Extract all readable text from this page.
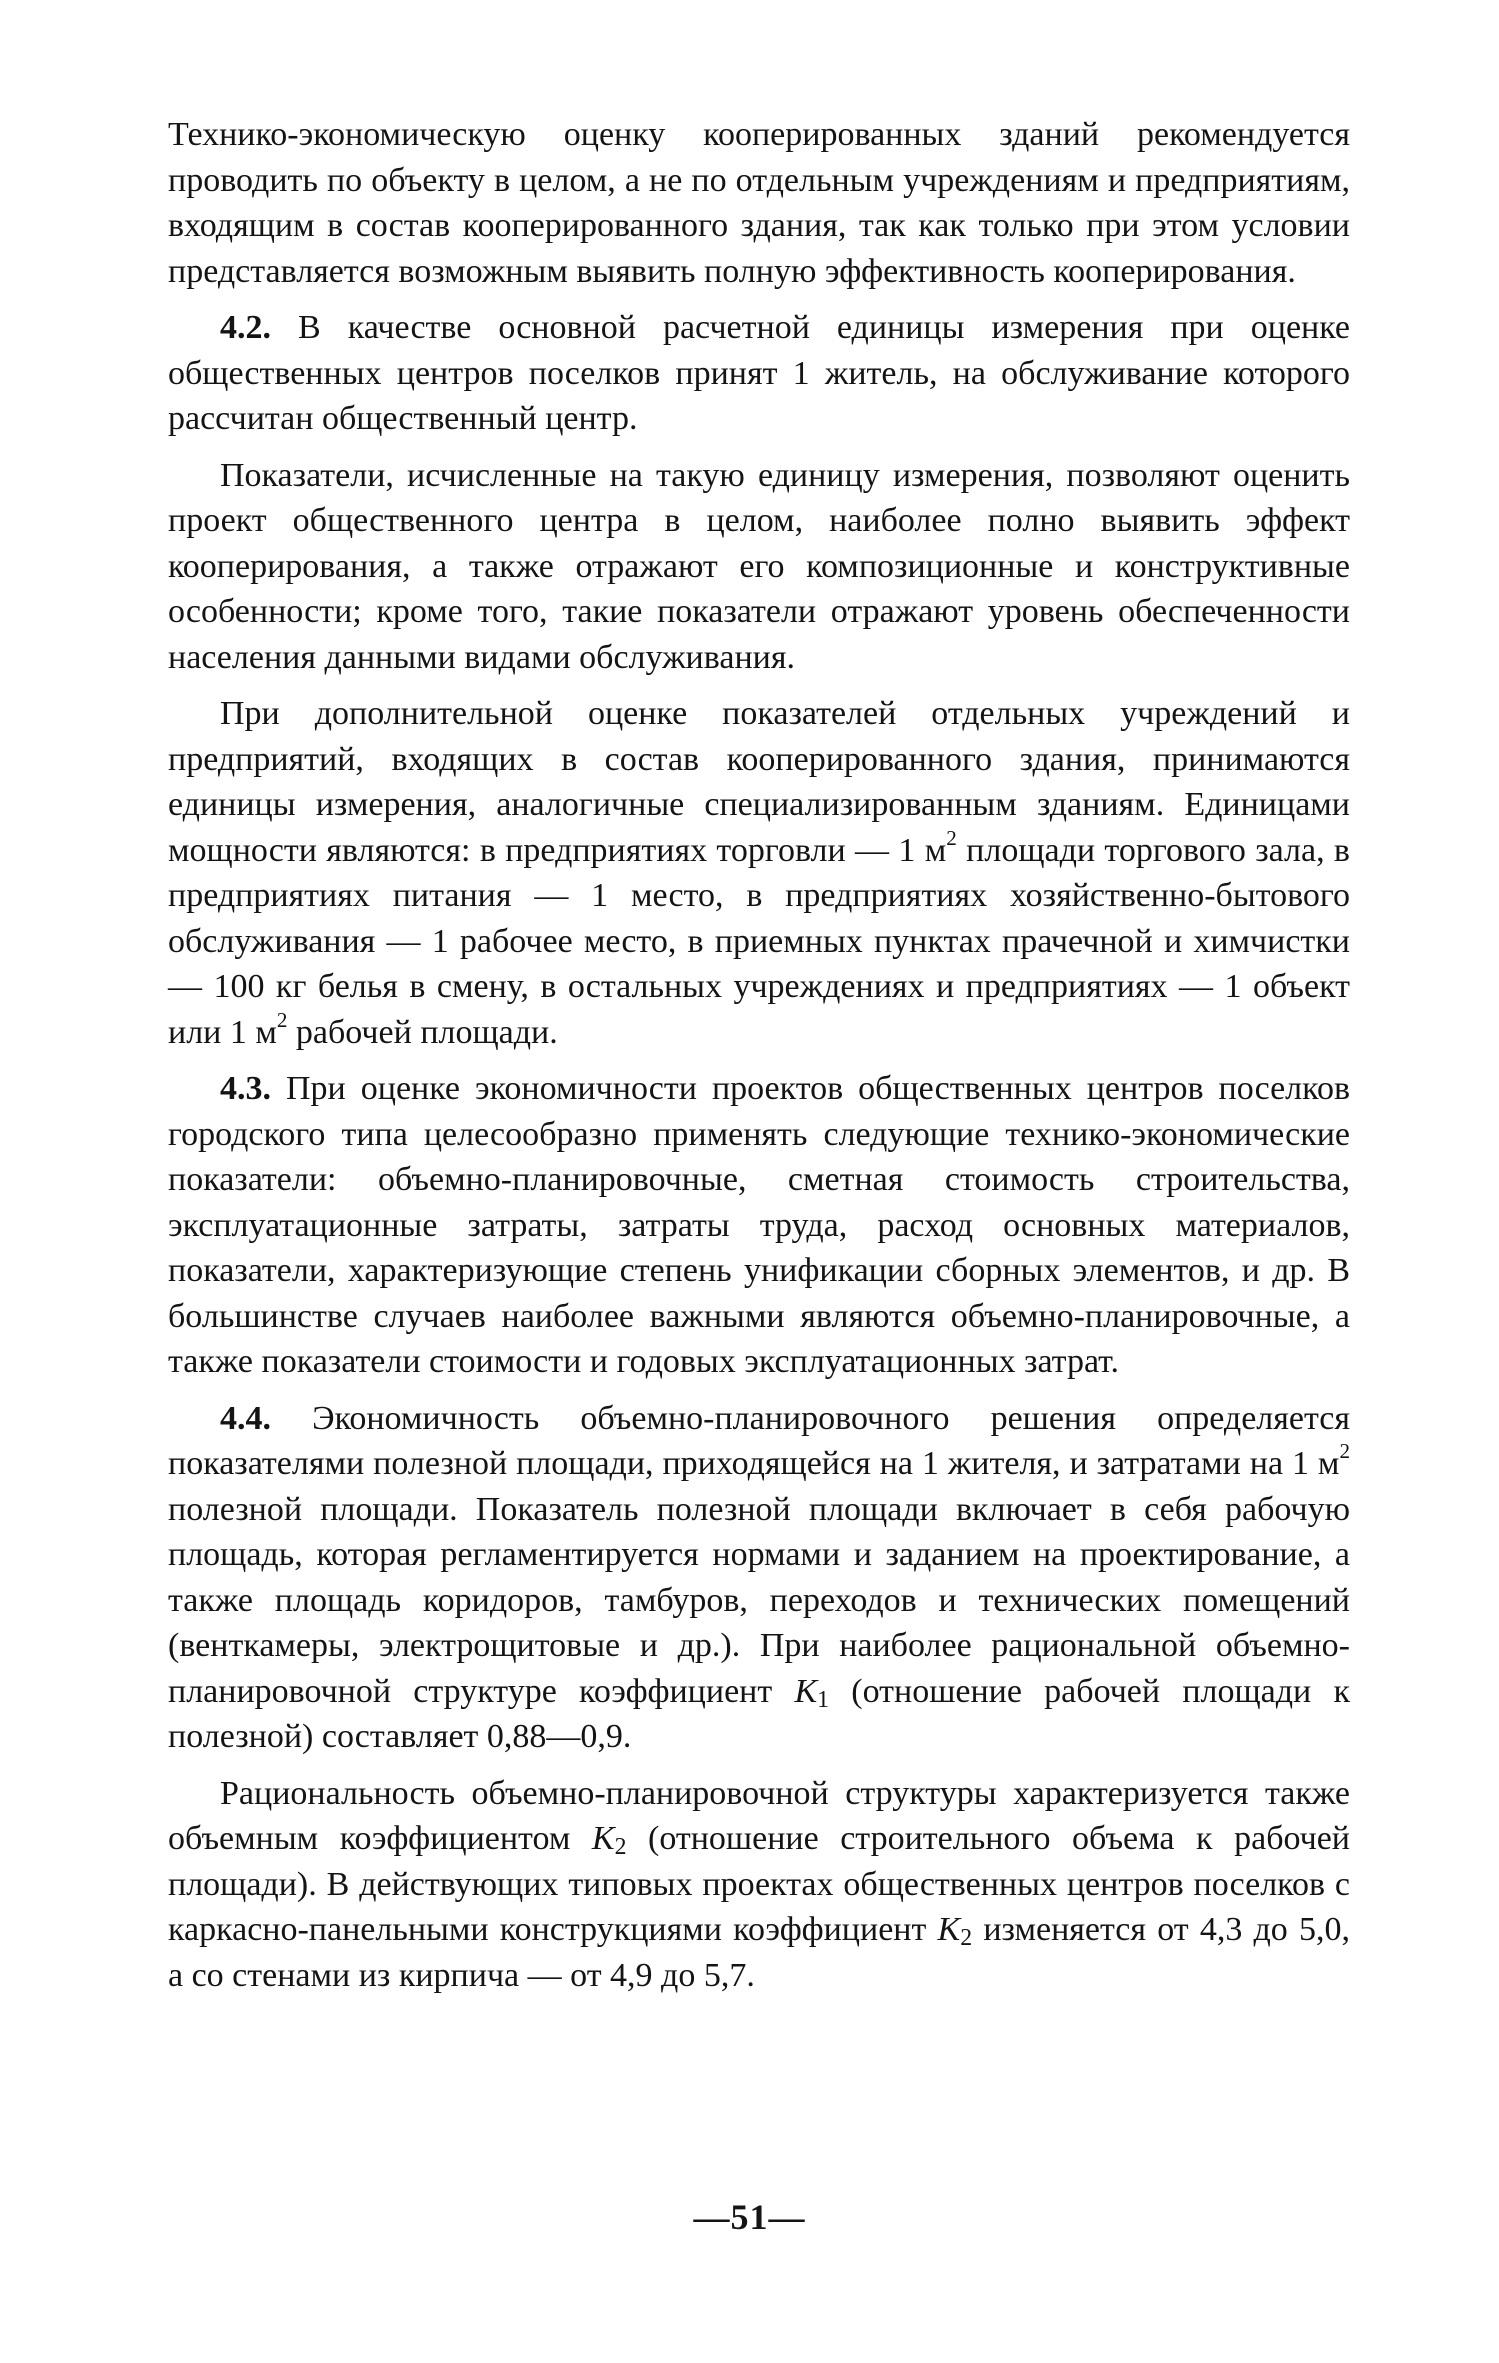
Технико-экономическую оценку кооперированных зданий рекомендуется проводить по объекту в целом, а не по отдельным учреждениям и предприятиям, входящим в состав кооперированного здания, так как только при этом условии представляется возможным выявить полную эффективность кооперирования.

4.2. В качестве основной расчетной единицы измерения при оценке общественных центров поселков принят 1 житель, на обслуживание которого рассчитан общественный центр.

Показатели, исчисленные на такую единицу измерения, позволяют оценить проект общественного центра в целом, наиболее полно выявить эффект кооперирования, а также отражают его композиционные и конструктивные особенности; кроме того, такие показатели отражают уровень обеспеченности населения данными видами обслуживания.

При дополнительной оценке показателей отдельных учреждений и предприятий, входящих в состав кооперированного здания, принимаются единицы измерения, аналогичные специализированным зданиям. Единицами мощности являются: в предприятиях торговли — 1 $м^2$ площади торгового зала, в предприятиях питания — 1 место, в предприятиях хозяйственно-бытового обслуживания — 1 рабочее место, в приемных пунктах прачечной и химчистки — 100 кг белья в смену, в остальных учреждениях и предприятиях — 1 объект или 1 $м^2$ рабочей площади.

4.3. При оценке экономичности проектов общественных центров поселков городского типа целесообразно применять следующие технико-экономические показатели: объемно-планировочные, сметная стоимость строительства, эксплуатационные затраты, затраты труда, расход основных материалов, показатели, характеризующие степень унификации сборных элементов, и др. В большинстве случаев наиболее важными являются объемно-планировочные, а также показатели стоимости и годовых эксплуатационных затрат.

4.4. Экономичность объемно-планировочного решения определяется показателями полезной площади, приходящейся на 1 жителя, и затратами на 1 $м^2$ полезной площади. Показатель полезной площади включает в себя рабочую площадь, которая регламентируется нормами и заданием на проектирование, а также площадь коридоров, тамбуров, переходов и технических помещений (венткамеры, электрощитовые и др.). При наиболее рациональной объемно-планировочной структуре коэффициент $K_1$ (отношение рабочей площади к полезной) составляет 0,88—0,9.

Рациональность объемно-планировочной структуры характеризуется также объемным коэффициентом $K_2$ (отношение строительного объема к рабочей площади). В действующих типовых проектах общественных центров поселков с каркасно-панельными конструкциями коэффициент $K_2$ изменяется от 4,3 до 5,0, а со стенами из кирпича — от 4,9 до 5,7.

—51—
